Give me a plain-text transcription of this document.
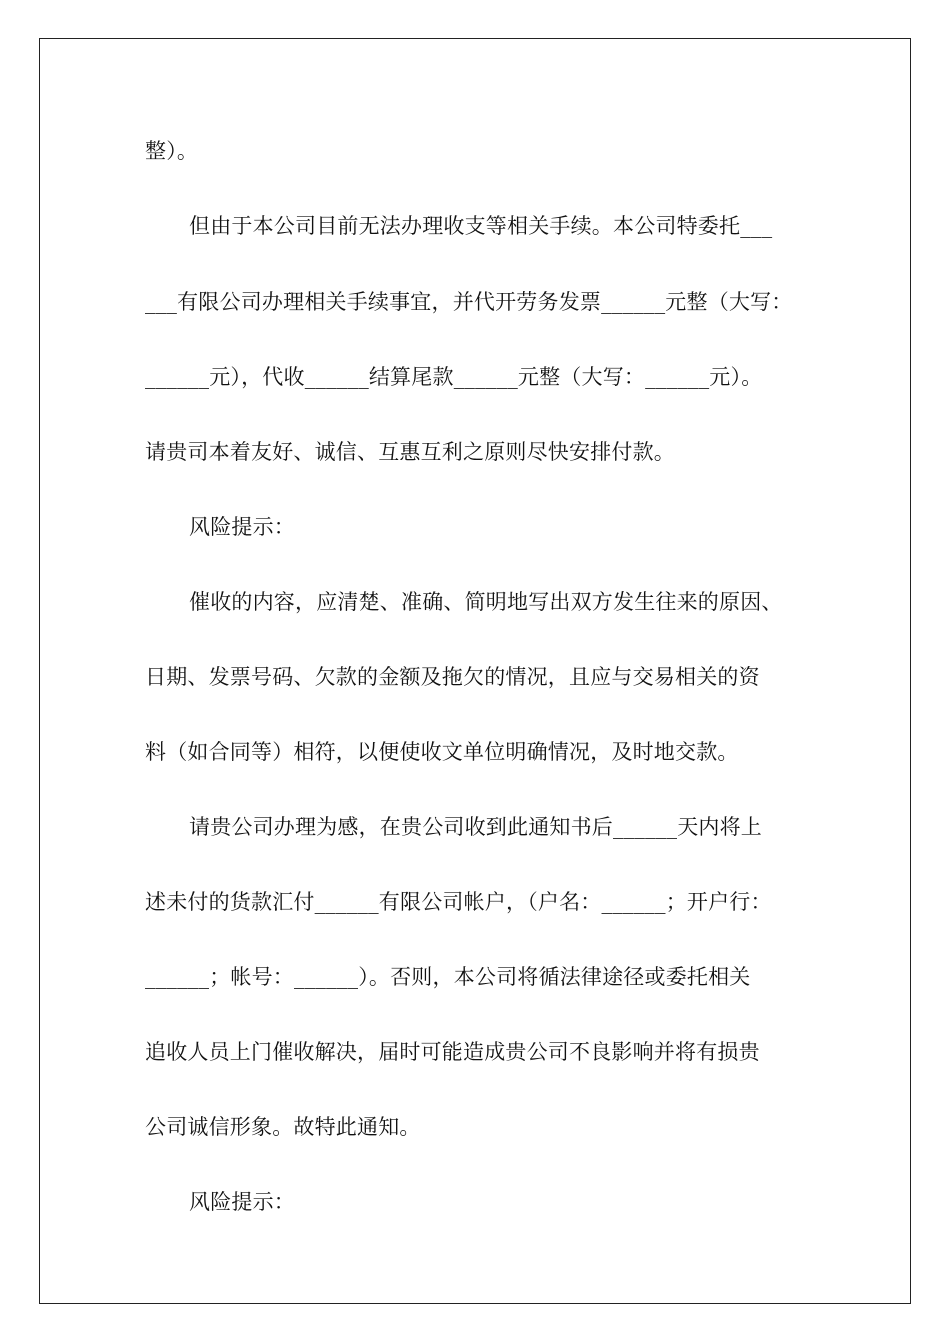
整）。
但由于本公司目前无法办理收支等相关手续。本公司特委托___
___有限公司办理相关手续事宜，并代开劳务发票______元整（大写：
______元），代收______结算尾款______元整（大写：______元）。
请贵司本着友好、诚信、互惠互利之原则尽快安排付款。
风险提示：
催收的内容，应清楚、准确、简明地写出双方发生往来的原因、
日期、发票号码、欠款的金额及拖欠的情况，且应与交易相关的资
料（如合同等）相符，以便使收文单位明确情况，及时地交款。
请贵公司办理为感，在贵公司收到此通知书后______天内将上
述未付的货款汇付______有限公司帐户，（户名：______；开户行：
______；帐号：______）。否则，本公司将循法律途径或委托相关
追收人员上门催收解决，届时可能造成贵公司不良影响并将有损贵
公司诚信形象。故特此通知。
风险提示：
